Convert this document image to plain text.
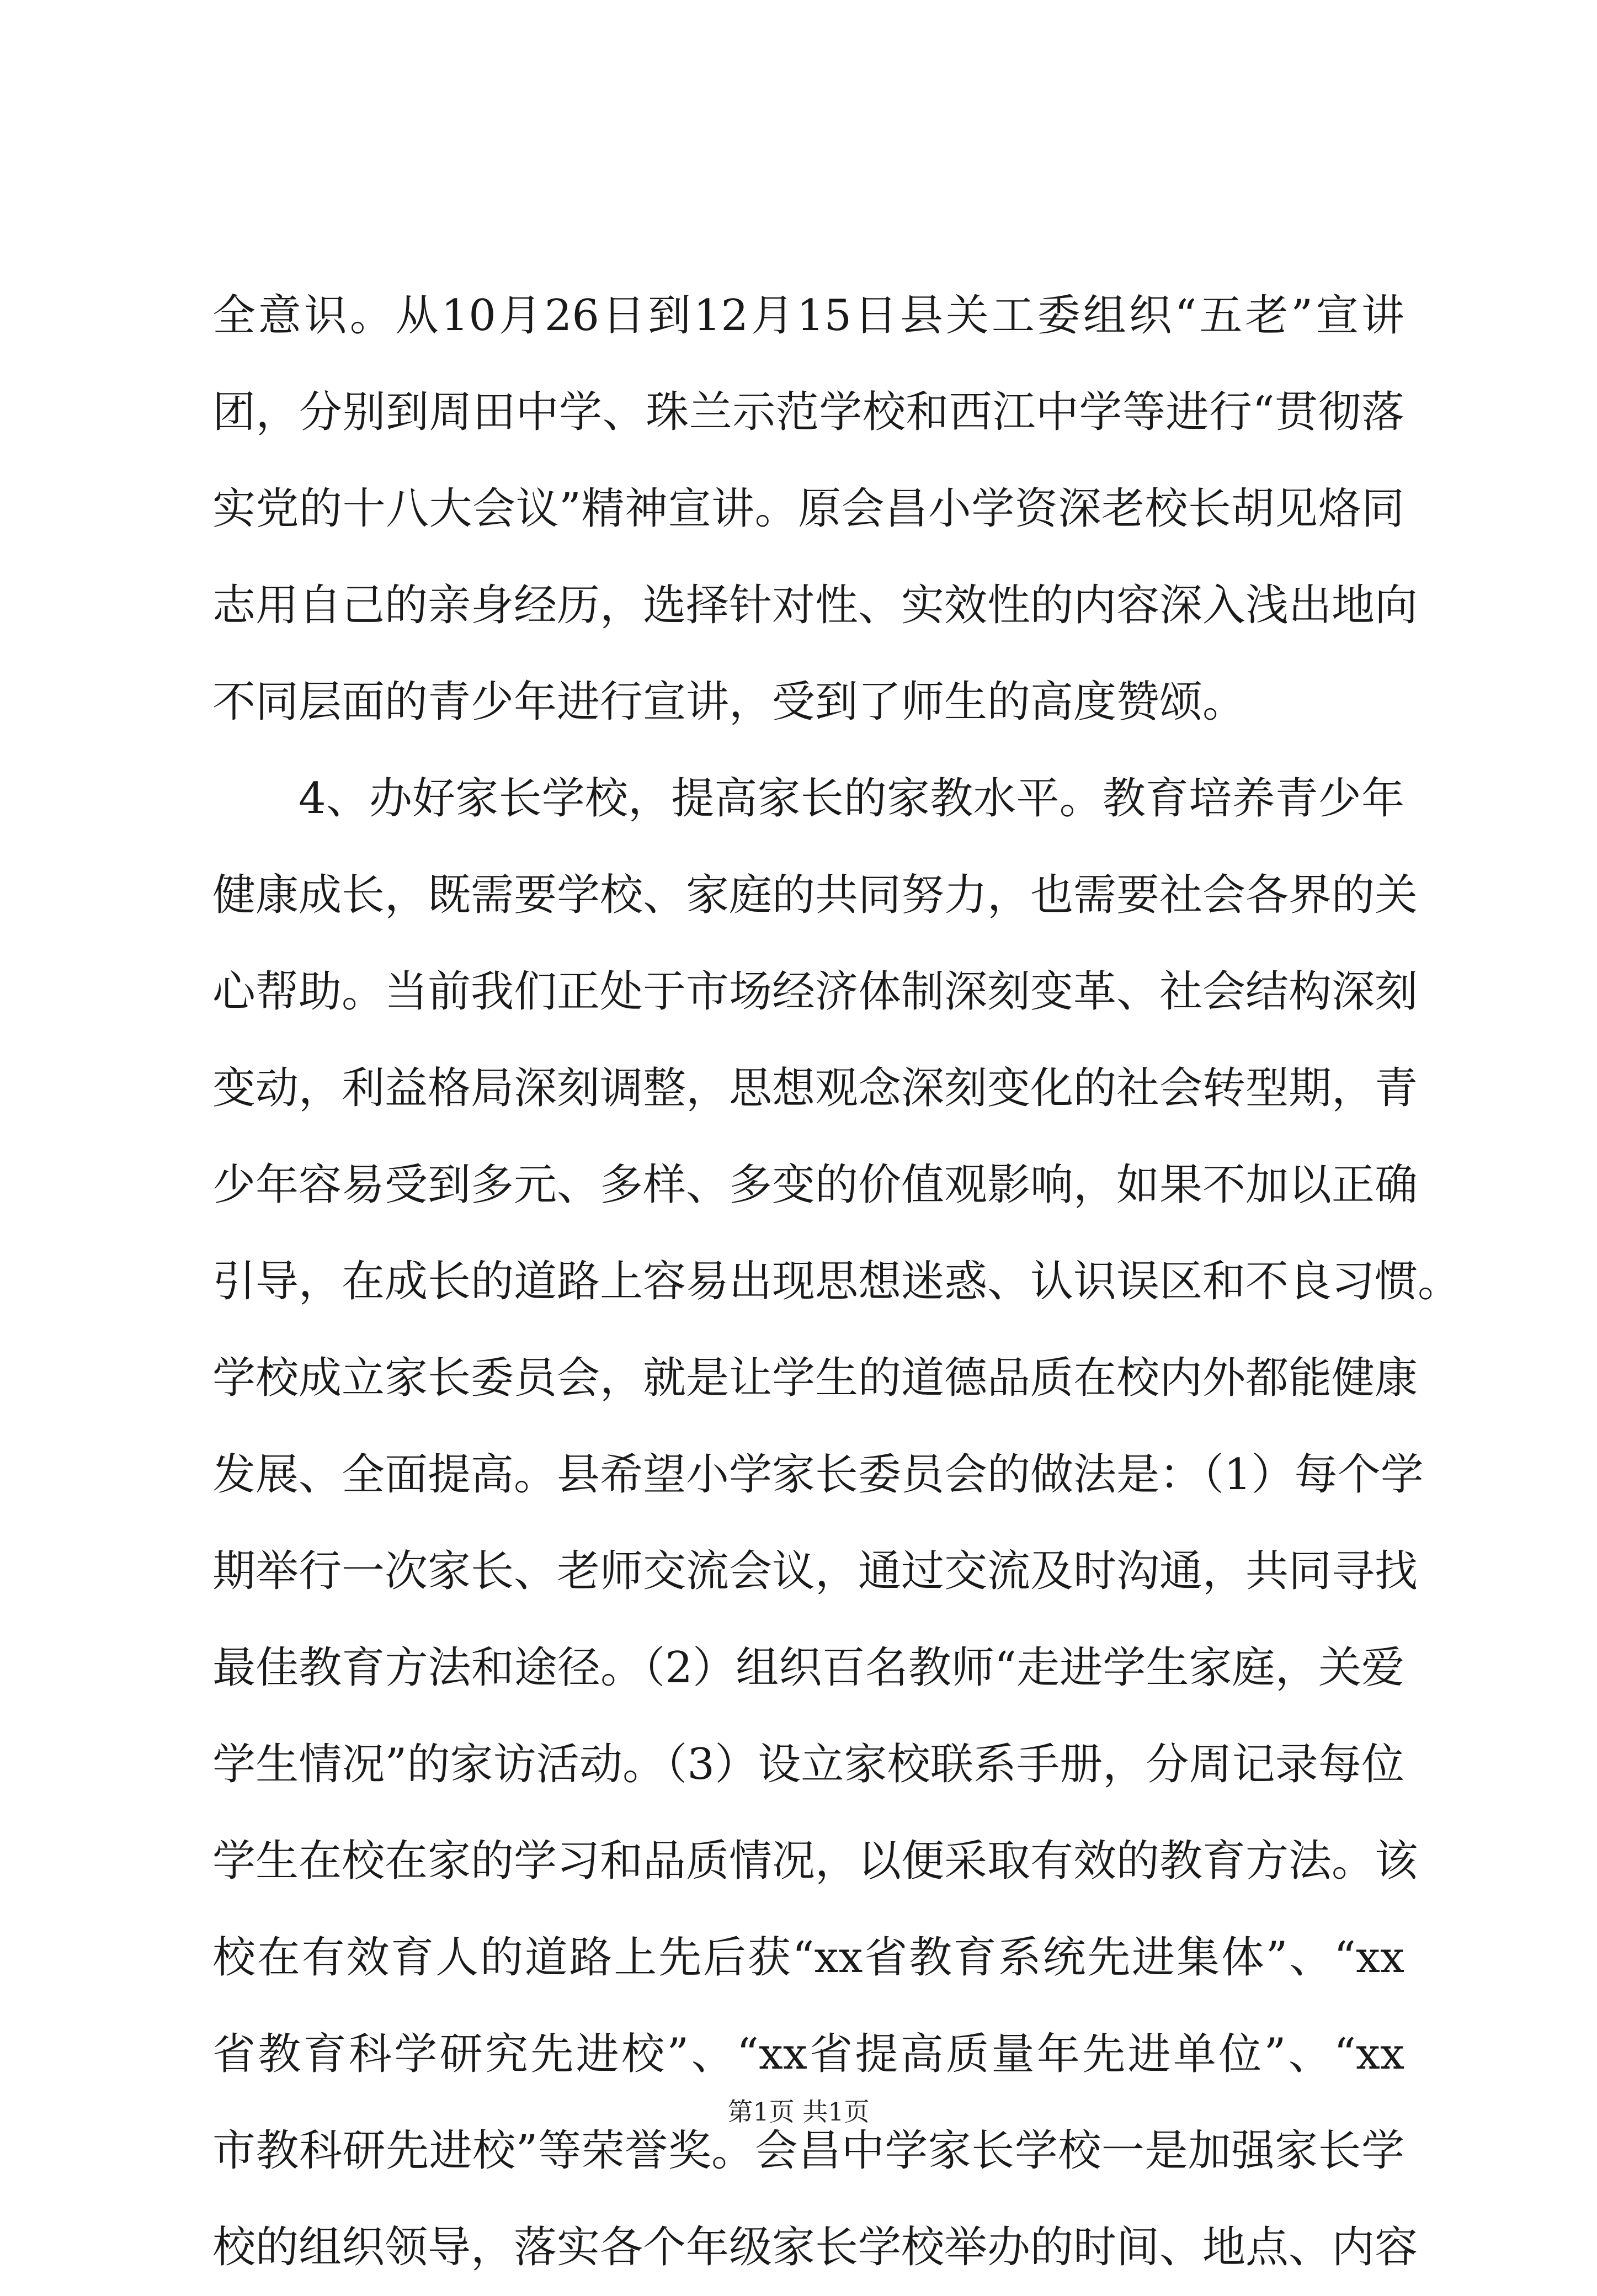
全意识。从10月26日到12月15日县关工委组织“五老”宣讲
团，分别到周田中学、珠兰示范学校和西江中学等进行“贯彻落
实党的十八大会议”精神宣讲。原会昌小学资深老校长胡见烙同
志用自己的亲身经历，选择针对性、实效性的内容深入浅出地向
不同层面的青少年进行宣讲，受到了师生的高度赞颂。
4、办好家长学校，提高家长的家教水平。教育培养青少年
健康成长，既需要学校、家庭的共同努力，也需要社会各界的关
心帮助。当前我们正处于市场经济体制深刻变革、社会结构深刻
变动，利益格局深刻调整，思想观念深刻变化的社会转型期，青
少年容易受到多元、多样、多变的价值观影响，如果不加以正确
引导，在成长的道路上容易出现思想迷惑、认识误区和不良习惯。
学校成立家长委员会，就是让学生的道德品质在校内外都能健康
发展、全面提高。县希望小学家长委员会的做法是：（1）每个学
期举行一次家长、老师交流会议，通过交流及时沟通，共同寻找
最佳教育方法和途径。（2）组织百名教师“走进学生家庭，关爱
学生情况”的家访活动。（3）设立家校联系手册，分周记录每位
学生在校在家的学习和品质情况，以便采取有效的教育方法。该
校在有效育人的道路上先后获“xx省教育系统先进集体”、“xx
省教育科学研究先进校”、“xx省提高质量年先进单位”、“xx
市教科研先进校”等荣誉奖。会昌中学家长学校一是加强家长学
校的组织领导，落实各个年级家长学校举办的时间、地点、内容
第1页 共1页
